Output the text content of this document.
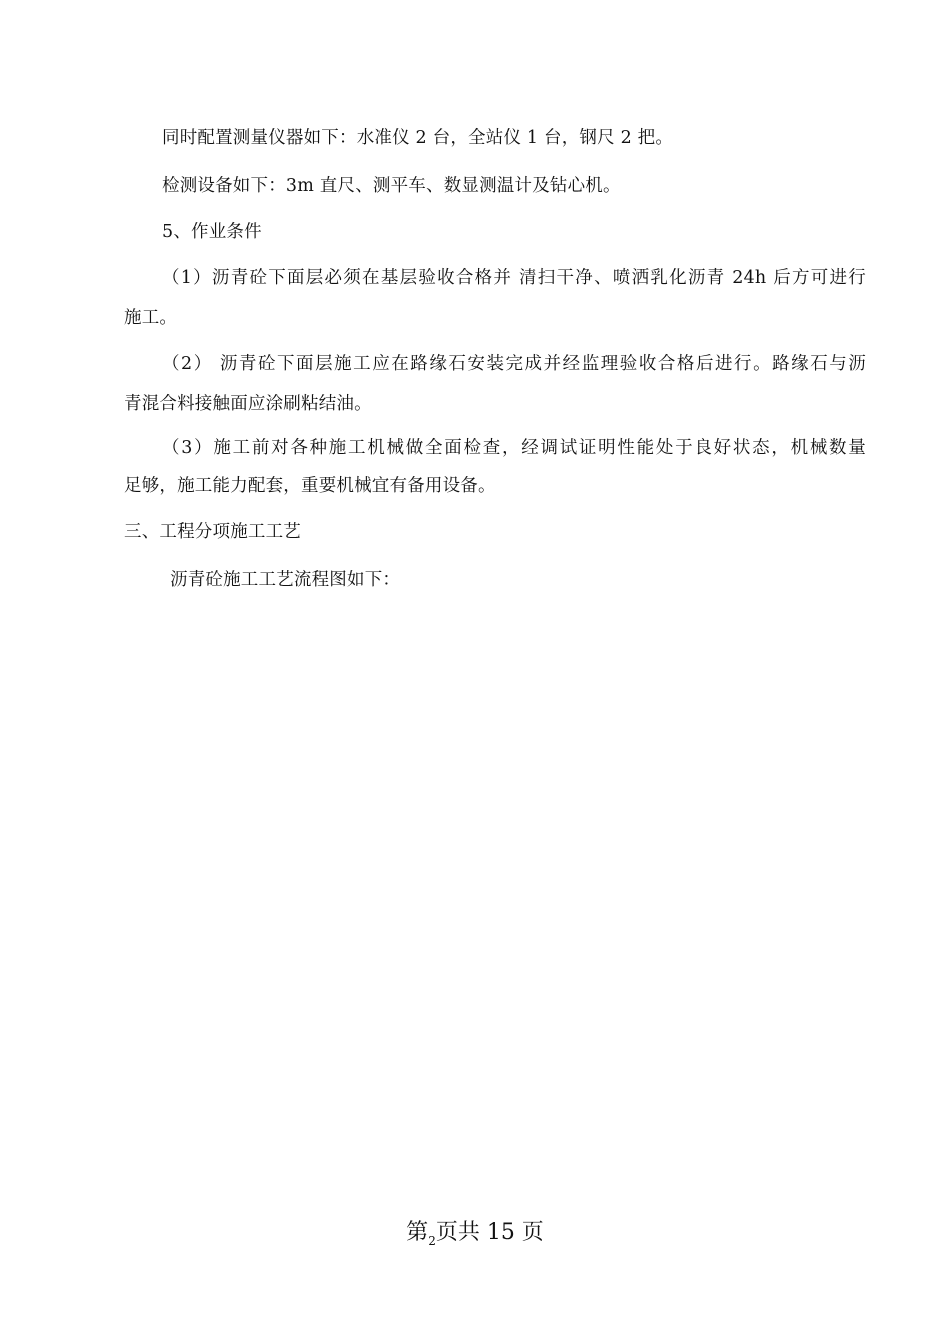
同时配置测量仪器如下：水准仪 2 台，全站仪 1 台，钢尺 2 把。
检测设备如下：3m 直尺、测平车、数显测温计及钻心机。
5、作业条件
（1）沥青砼下面层必须在基层验收合格并 清扫干净、喷洒乳化沥青 24h 后方可进行
施工。
（2） 沥青砼下面层施工应在路缘石安装完成并经监理验收合格后进行。路缘石与沥
青混合料接触面应涂刷粘结油。
（3）施工前对各种施工机械做全面检查，经调试证明性能处于良好状态，机械数量
足够，施工能力配套，重要机械宜有备用设备。
三、工程分项施工工艺
沥青砼施工工艺流程图如下：
第$_2$页共 15 页
